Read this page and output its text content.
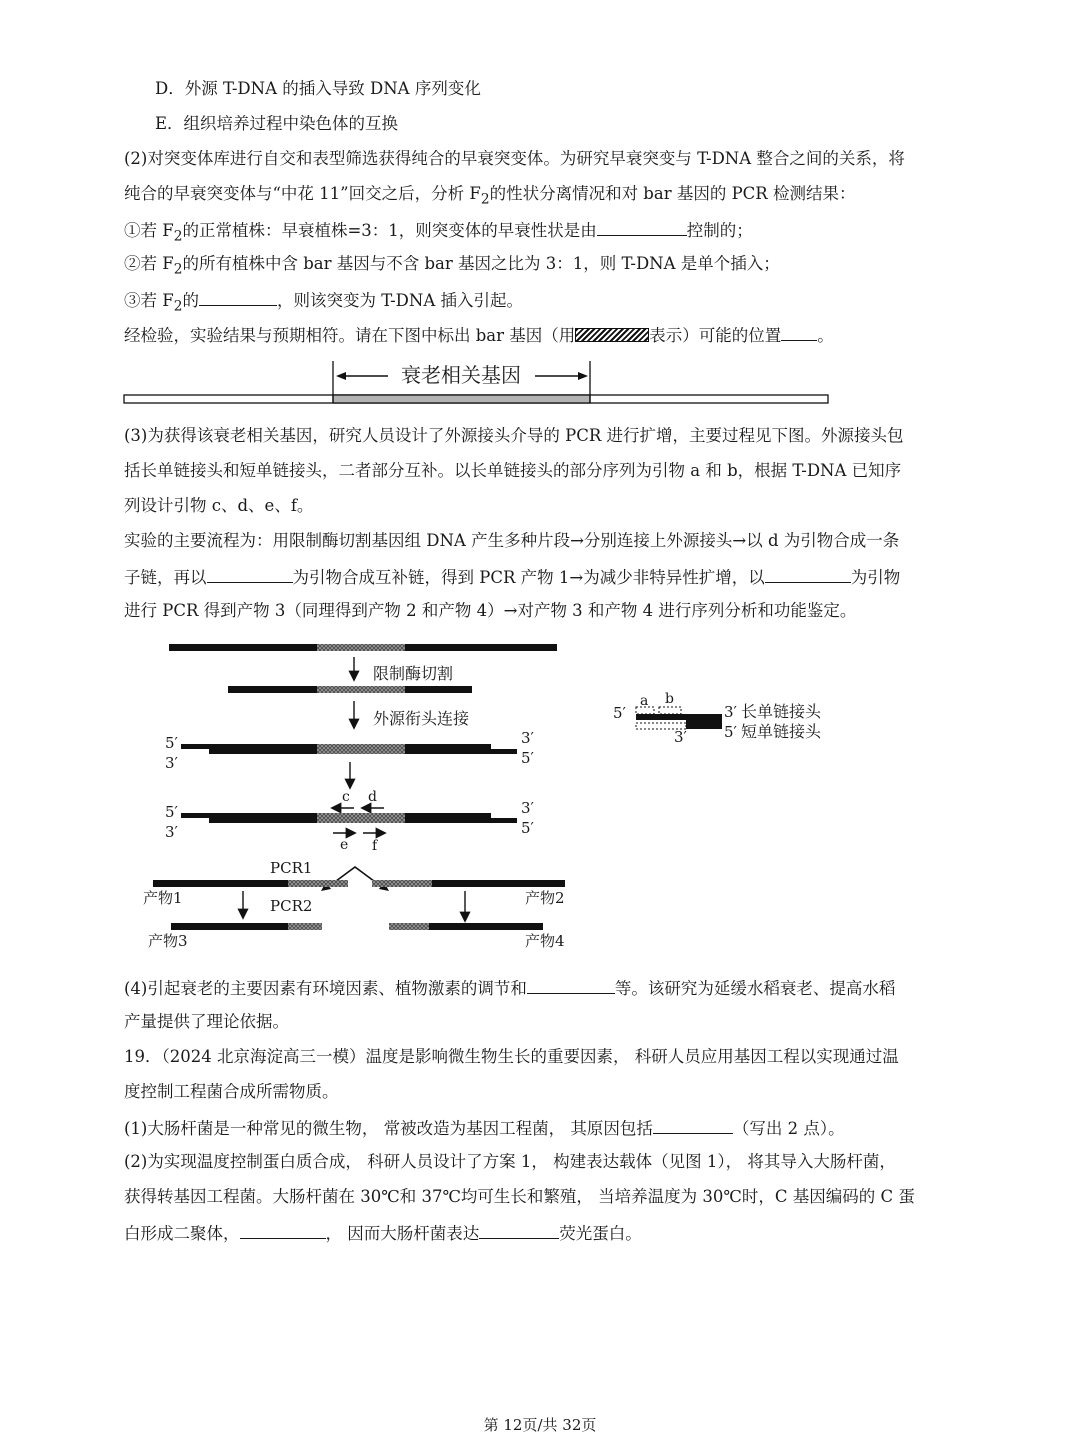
D．外源 T-DNA 的插入导致 DNA 序列变化
E．组织培养过程中染色体的互换
(2)对突变体库进行自交和表型筛选获得纯合的早衰突变体。为研究早衰突变与 T-DNA 整合之间的关系，将
纯合的早衰突变体与“中花 11”回交之后，分析 $F_2$的性状分离情况和对 bar 基因的 PCR 检测结果：
①若 $F_2$的正常植株：早衰植株=3：1，则突变体的早衰性状是由	控制的；
②若 $F_2$的所有植株中含 bar 基因与不含 bar 基因之比为 3：1，则 T-DNA 是单个插入；
③若 $F_2$的	，则该突变为 T-DNA 插入引起。
经检验，实验结果与预期相符。请在下图中标出 bar 基因（用	表示）可能的位置 。
衰老相关基因
(3)为获得该衰老相关基因，研究人员设计了外源接头介导的 PCR 进行扩增，主要过程见下图。外源接头包
括长单链接头和短单链接头，二者部分互补。以长单链接头的部分序列为引物 a 和 b，根据 T-DNA 已知序
列设计引物 c、d、e、f。
实验的主要流程为：用限制酶切割基因组 DNA 产生多种片段→分别连接上外源接头→以 d 为引物合成一条
子链，再以	为引物合成互补链，得到 PCR 产物 1→为减少非特异性扩增，以	为引物
进行 PCR 得到产物 3（同理得到产物 2 和产物 4）→对产物 3 和产物 4 进行序列分析和功能鉴定。
限制酶切割
外源衔头连接
5′
3′
3′
5′
c d
5′
3′
3′
5′
e f
PCR1
产物1	产物2
PCR2
产物3	产物4
5′
a b
3′
3′ 5′
长单链接头
短单链接头
(4)引起衰老的主要因素有环境因素、植物激素的调节和	等。该研究为延缓水稻衰老、提高水稻
产量提供了理论依据。
19．（2024 北京海淀高三一模）温度是影响微生物生长的重要因素， 科研人员应用基因工程以实现通过温
度控制工程菌合成所需物质。
(1)大肠杆菌是一种常见的微生物， 常被改造为基因工程菌， 其原因包括	（写出 2 点）。
(2)为实现温度控制蛋白质合成， 科研人员设计了方案 1， 构建表达载体（见图 1）， 将其导入大肠杆菌，
获得转基因工程菌。大肠杆菌在 30℃和 37℃均可生长和繁殖， 当培养温度为 30℃时，C 基因编码的 C 蛋
白形成二聚体，	， 因而大肠杆菌表达	荧光蛋白。
第 12页/共 32页
